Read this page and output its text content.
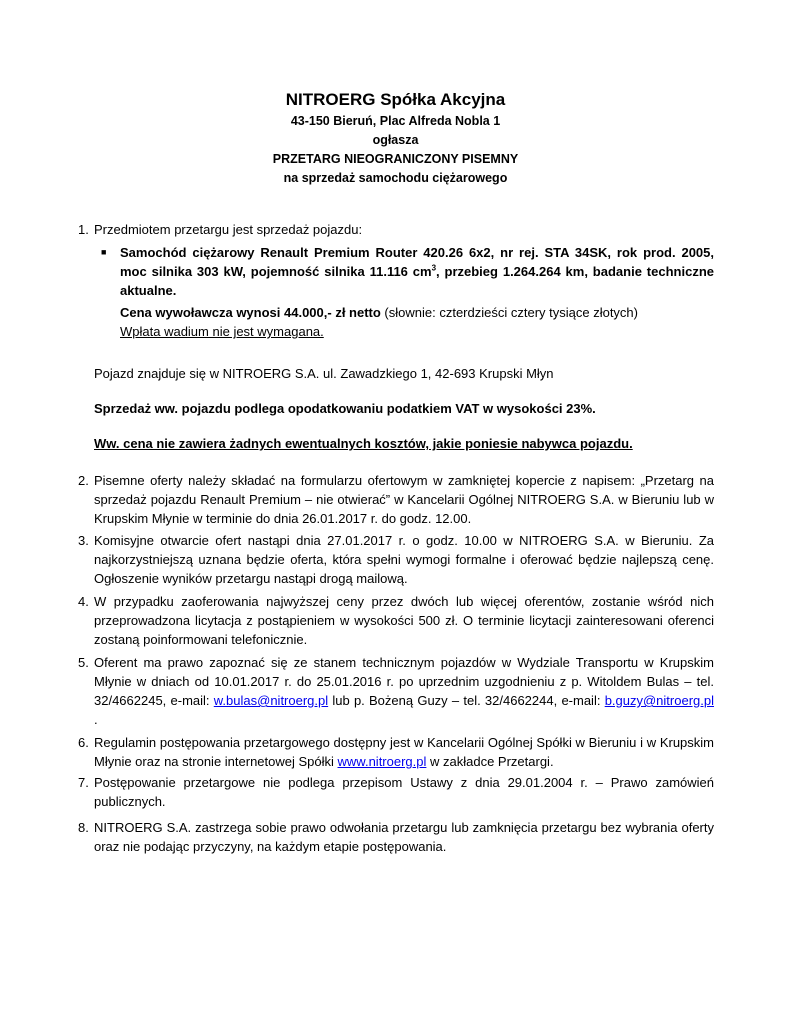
NITROERG Spółka Akcyjna
43-150 Bieruń, Plac Alfreda Nobla 1
ogłasza
PRZETARG NIEOGRANICZONY PISEMNY
na sprzedaż samochodu ciężarowego
1. Przedmiotem przetargu jest sprzedaż pojazdu:
■ Samochód ciężarowy Renault Premium Router 420.26 6x2, nr rej. STA 34SK, rok prod. 2005, moc silnika 303 kW, pojemność silnika 11.116 $cm^3$, przebieg 1.264.264 km, badanie techniczne aktualne.
Cena wywoławcza wynosi 44.000,- zł netto (słownie: czterdzieści cztery tysiące złotych)
Wpłata wadium nie jest wymagana.
Pojazd znajduje się w NITROERG S.A. ul. Zawadzkiego 1, 42-693 Krupski Młyn
Sprzedaż ww. pojazdu podlega opodatkowaniu podatkiem VAT w wysokości 23%.
Ww. cena nie zawiera żadnych ewentualnych kosztów, jakie poniesie nabywca pojazdu.
2. Pisemne oferty należy składać na formularzu ofertowym w zamkniętej kopercie z napisem: „Przetarg na sprzedaż pojazdu Renault Premium – nie otwierać” w Kancelarii Ogólnej NITROERG S.A. w Bieruniu lub w Krupskim Młynie w terminie do dnia 26.01.2017 r. do godz. 12.00.
3. Komisyjne otwarcie ofert nastąpi dnia 27.01.2017 r. o godz. 10.00 w NITROERG S.A. w Bieruniu. Za najkorzystniejszą uznana będzie oferta, która spełni wymogi formalne i oferować będzie najlepszą cenę. Ogłoszenie wyników przetargu nastąpi drogą mailową.
4. W przypadku zaoferowania najwyższej ceny przez dwóch lub więcej oferentów, zostanie wśród nich przeprowadzona licytacja z postąpieniem w wysokości 500 zł. O terminie licytacji zainteresowani oferenci zostaną poinformowani telefonicznie.
5. Oferent ma prawo zapoznać się ze stanem technicznym pojazdów w Wydziale Transportu w Krupskim Młynie w dniach od 10.01.2017 r. do 25.01.2016 r. po uprzednim uzgodnieniu z p. Witoldem Bulas – tel. 32/4662245, e-mail: w.bulas@nitroerg.pl lub p. Bożeną Guzy – tel. 32/4662244, e-mail: b.guzy@nitroerg.pl .
6. Regulamin postępowania przetargowego dostępny jest w Kancelarii Ogólnej Spółki w Bieruniu i w Krupskim Młynie oraz na stronie internetowej Spółki www.nitroerg.pl w zakładce Przetargi.
7. Postępowanie przetargowe nie podlega przepisom Ustawy z dnia 29.01.2004 r. – Prawo zamówień publicznych.
8. NITROERG S.A. zastrzega sobie prawo odwołania przetargu lub zamknięcia przetargu bez wybrania oferty oraz nie podając przyczyny, na każdym etapie postępowania.
